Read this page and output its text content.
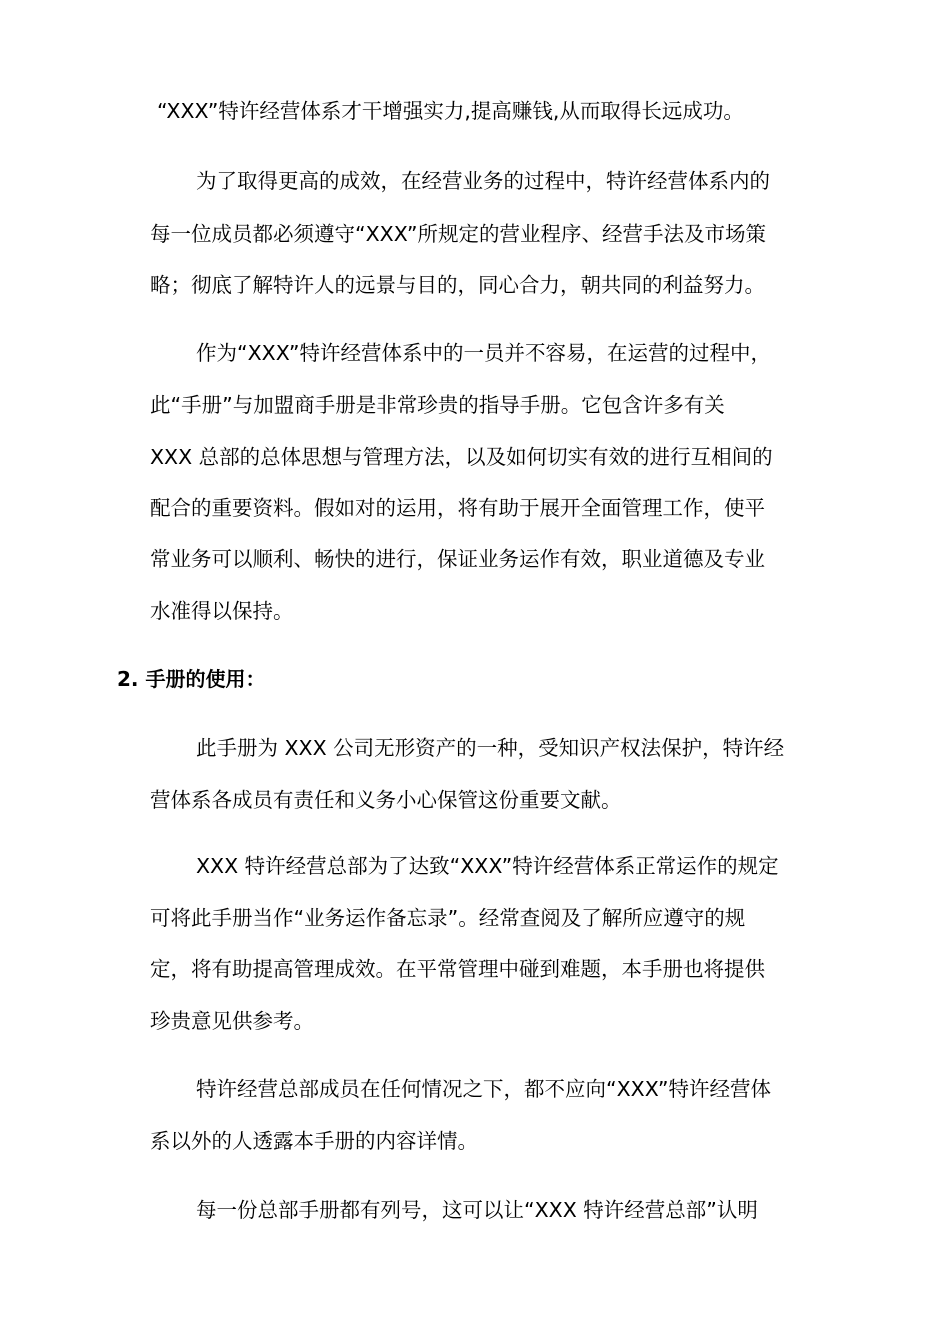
“XXX”特许经营体系才干增强实力,提高赚钱,从而取得长远成功。

为了取得更高的成效，在经营业务的过程中，特许经营体系内的

每一位成员都必须遵守“XXX”所规定的营业程序、经营手法及市场策

略；彻底了解特许人的远景与目的，同心合力，朝共同的利益努力。

作为“XXX”特许经营体系中的一员并不容易，在运营的过程中，

此“手册”与加盟商手册是非常珍贵的指导手册。它包含许多有关

XXX 总部的总体思想与管理方法，以及如何切实有效的进行互相间的

配合的重要资料。假如对的运用，将有助于展开全面管理工作，使平

常业务可以顺利、畅快的进行，保证业务运作有效，职业道德及专业

水准得以保持。

2. 手册的使用：

此手册为 XXX 公司无形资产的一种，受知识产权法保护，特许经

营体系各成员有责任和义务小心保管这份重要文献。

XXX 特许经营总部为了达致“XXX”特许经营体系正常运作的规定

可将此手册当作“业务运作备忘录”。经常查阅及了解所应遵守的规

定，将有助提高管理成效。在平常管理中碰到难题，本手册也将提供

珍贵意见供参考。

特许经营总部成员在任何情况之下，都不应向“XXX”特许经营体

系以外的人透露本手册的内容详情。

每一份总部手册都有列号，这可以让“XXX 特许经营总部”认明
